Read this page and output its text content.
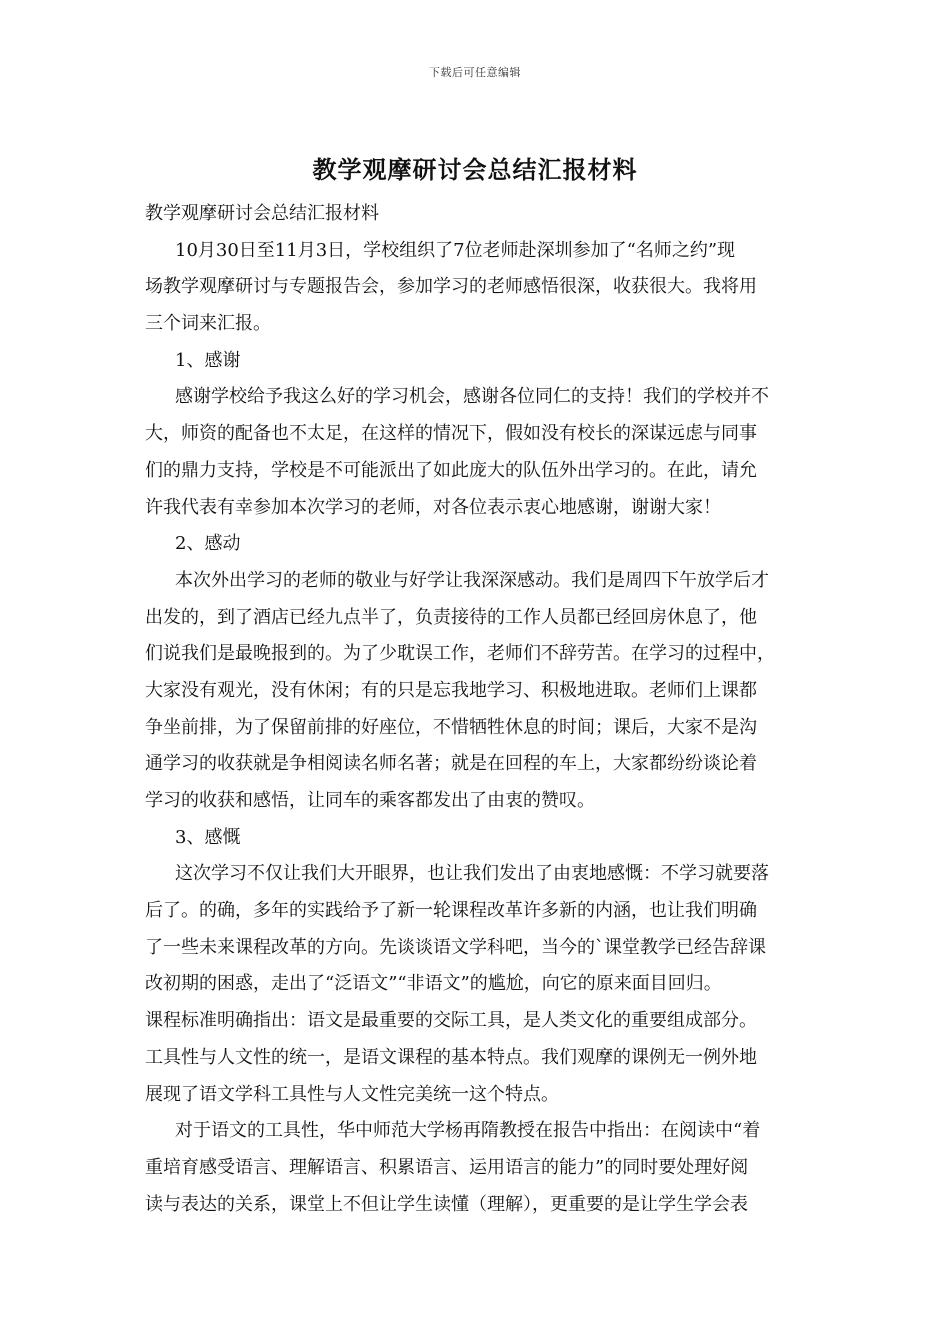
下载后可任意编辑
教学观摩研讨会总结汇报材料
教学观摩研讨会总结汇报材料
10月30日至11月3日，学校组织了7位老师赴深圳参加了“名师之约”现
场教学观摩研讨与专题报告会，参加学习的老师感悟很深，收获很大。我将用
三个词来汇报。
1、感谢
感谢学校给予我这么好的学习机会，感谢各位同仁的支持！我们的学校并不
大，师资的配备也不太足，在这样的情况下，假如没有校长的深谋远虑与同事
们的鼎力支持，学校是不可能派出了如此庞大的队伍外出学习的。在此，请允
许我代表有幸参加本次学习的老师，对各位表示衷心地感谢，谢谢大家！
2、感动
本次外出学习的老师的敬业与好学让我深深感动。我们是周四下午放学后才
出发的，到了酒店已经九点半了，负责接待的工作人员都已经回房休息了，他
们说我们是最晚报到的。为了少耽误工作，老师们不辞劳苦。在学习的过程中，
大家没有观光，没有休闲；有的只是忘我地学习、积极地进取。老师们上课都
争坐前排，为了保留前排的好座位，不惜牺牲休息的时间；课后，大家不是沟
通学习的收获就是争相阅读名师名著；就是在回程的车上，大家都纷纷谈论着
学习的收获和感悟，让同车的乘客都发出了由衷的赞叹。
3、感慨
这次学习不仅让我们大开眼界，也让我们发出了由衷地感慨：不学习就要落
后了。的确，多年的实践给予了新一轮课程改革许多新的内涵，也让我们明确
了一些未来课程改革的方向。先谈谈语文学科吧，当今的`课堂教学已经告辞课
改初期的困惑，走出了“泛语文”“非语文”的尴尬，向它的原来面目回归。
课程标准明确指出：语文是最重要的交际工具，是人类文化的重要组成部分。
工具性与人文性的统一，是语文课程的基本特点。我们观摩的课例无一例外地
展现了语文学科工具性与人文性完美统一这个特点。
对于语文的工具性，华中师范大学杨再隋教授在报告中指出：在阅读中“着
重培育感受语言、理解语言、积累语言、运用语言的能力”的同时要处理好阅
读与表达的关系，课堂上不但让学生读懂（理解），更重要的是让学生学会表
